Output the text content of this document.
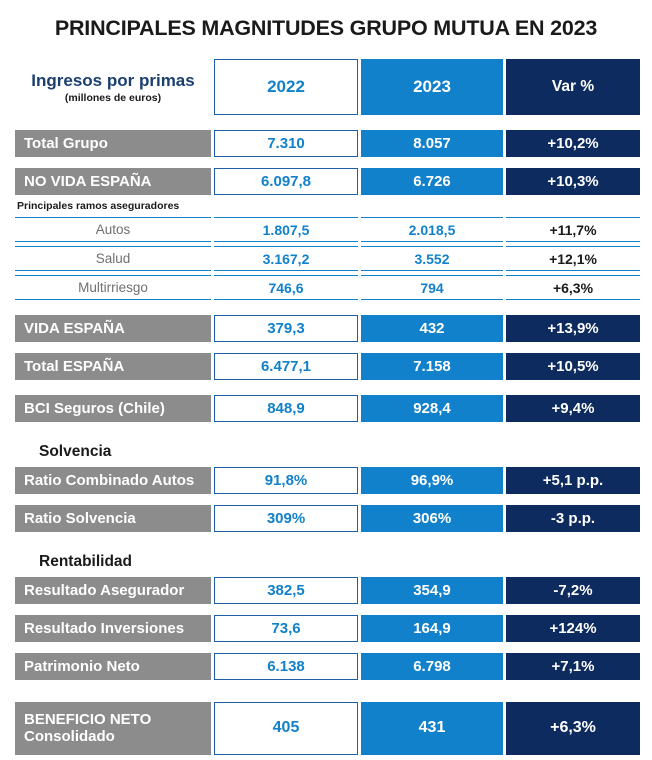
PRINCIPALES MAGNITUDES GRUPO MUTUA EN 2023
Ingresos por primas
(millones de euros)	2022	2023	Var %

Total Grupo	7.310	8.057	+10,2%

NO VIDA ESPAÑA	6.097,8	6.726	+10,3%
Principales ramos aseguradores			
Autos	1.807,5	2.018,5	+11,7%
Salud	3.167,2	3.552	+12,1%
Multirriesgo	746,6	794	+6,3%

VIDA ESPAÑA	379,3	432	+13,9%

Total ESPAÑA	6.477,1	7.158	+10,5%

BCI Seguros (Chile)	848,9	928,4	+9,4%

Solvencia			
Ratio Combinado Autos	91,8%	96,9%	+5,1 p.p.

Ratio Solvencia	309%	306%	-3 p.p.

Rentabilidad			
Resultado Asegurador	382,5	354,9	-7,2%

Resultado Inversiones	73,6	164,9	+124%

Patrimonio Neto	6.138	6.798	+7,1%

BENEFICIO NETO
Consolidado	405	431	+6,3%
